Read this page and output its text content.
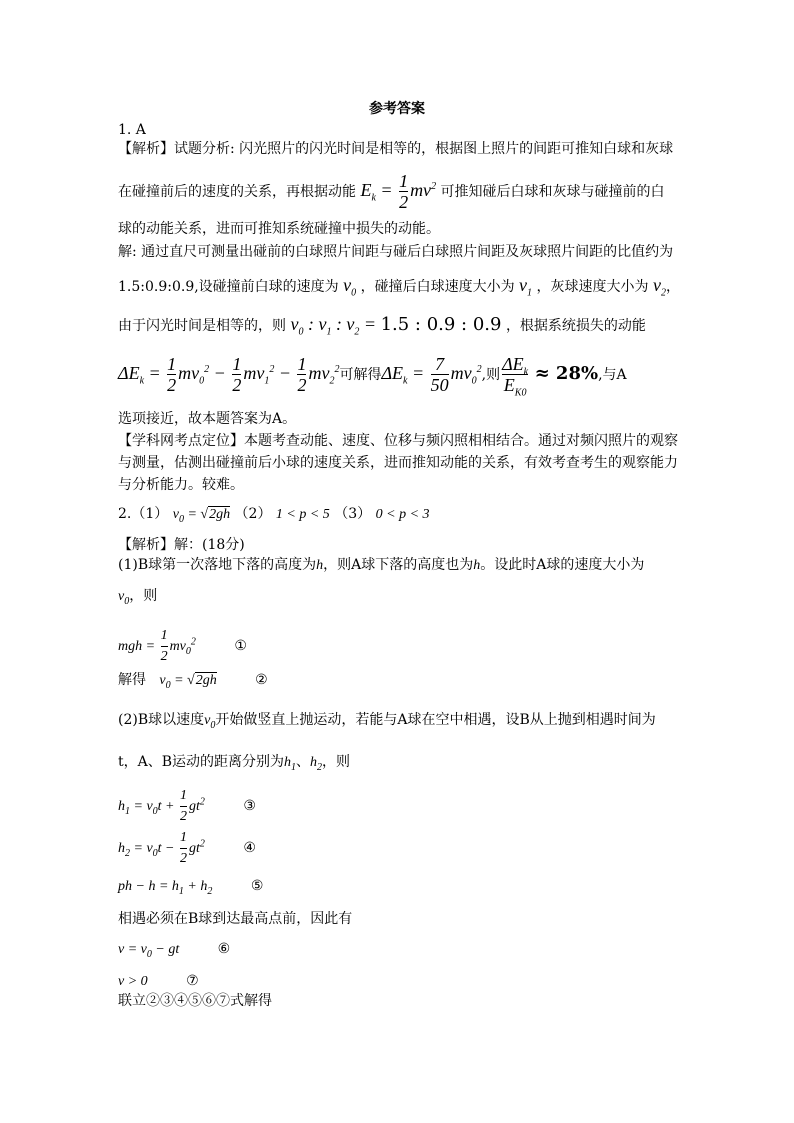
参考答案
1. A
【解析】试题分析: 闪光照片的闪光时间是相等的，根据图上照片的间距可推知白球和灰球
在碰撞前后的速度的关系，再根据动能 $E_k = \frac{1}{2} mv^2$ 可推知碰后白球和灰球与碰撞前的白
球的动能关系，进而可推知系统碰撞中损失的动能。
解: 通过直尺可测量出碰前的白球照片间距与碰后白球照片间距及灰球照片间距的比值约为
1.5:0.9:0.9,设碰撞前白球的速度为 $v_0$ ，碰撞后白球速度大小为 $v_1$ ，灰球速度大小为 $v_2$，
由于闪光时间是相等的，则 $v_0$ : $v_1$ : $v_2 = 1.5$ : 0.9 : 0.9 ，根据系统损失的动能
$\Delta E_k = \frac{1}{2} mv_0^2 - \frac{1}{2} mv_1^2 - \frac{1}{2} mv_2^2$可解得$\Delta E_k = \frac{7}{50} mv_0^2$,则 $\frac{\Delta E_k}{E_{K0}} \approx 28\%$,与A
选项接近，故本题答案为A。
【学科网考点定位】本题考查动能、速度、位移与频闪照相相结合。通过对频闪照片的观察
与测量，估测出碰撞前后小球的速度关系，进而推知动能的关系，有效考查考生的观察能力
与分析能力。较难。
2.（1） $v_0 = √2gh$ （2） 1 < p < 5 （3） 0 < p < 3
【解析】解：(18分)
(1)B球第一次落地下落的高度为h，则A球下落的高度也为h。设此时A球的速度大小为
$v_0$，则
mgh = $\frac{1}{2} mv_0^2$	①
解得 $v_0 = √2gh$	②
(2)B球以速度$v_0$开始做竖直上抛运动，若能与A球在空中相遇，设B从上抛到相遇时间为
t，A、B运动的距离分别为$h_1$、$h_2$，则
$h_1 = v_0t + \frac{1}{2} gt^2$	③
$h_2 = v_0t - \frac{1}{2} gt^2$	④
ph − $h = h_1 + h_2$	⑤
相遇必须在B球到达最高点前，因此有
$v = v_0$ − gt	⑥
v > 0	⑦
联立②③④⑤⑥⑦式解得
